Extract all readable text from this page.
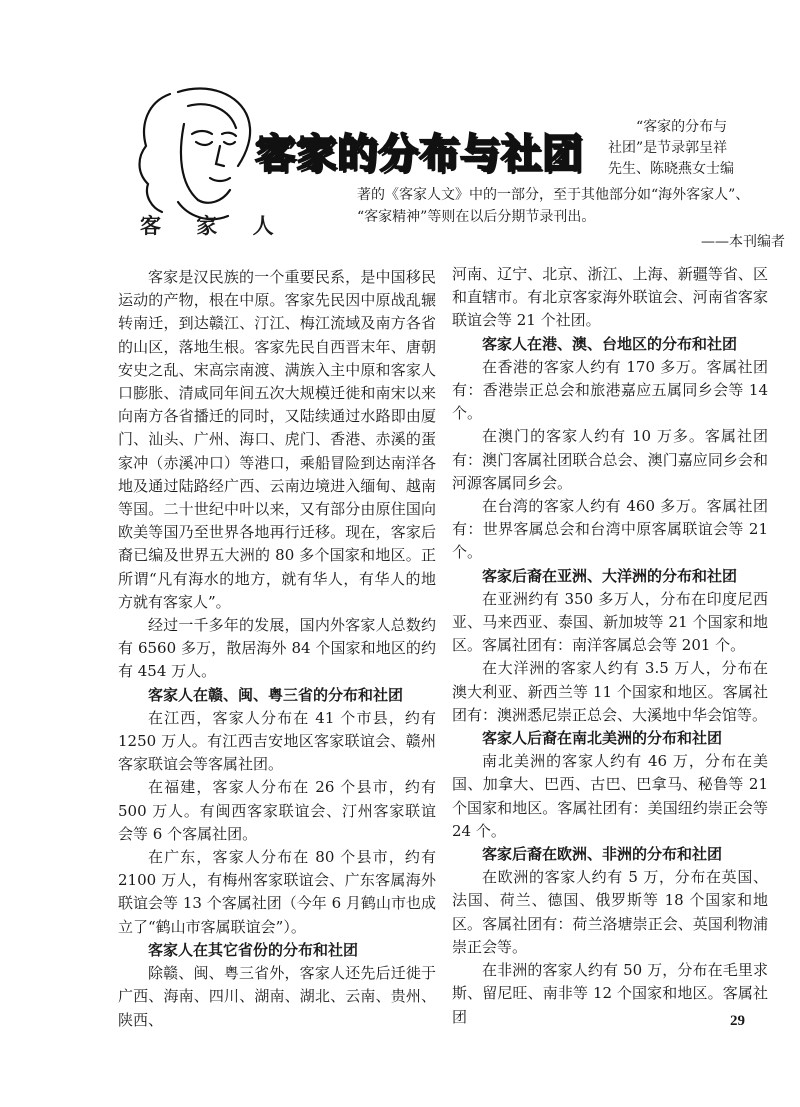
客 家 人
客家的分布与社团

“客家的分布与

社团”是节录郭呈祥

先生、陈晓燕女士编

著的《客家人文》中的一部分，至于其他部分如“海外客家人”、

“客家精神”等则在以后分期节录刊出。

——本刊编者

客家是汉民族的一个重要民系，是中国移民运动的产物，根在中原。客家先民因中原战乱辗转南迁，到达赣江、汀江、梅江流域及南方各省的山区，落地生根。客家先民自西晋末年、唐朝安史之乱、宋高宗南渡、满族入主中原和客家人口膨胀、清咸同年间五次大规模迁徙和南宋以来向南方各省播迁的同时，又陆续通过水路即由厦门、汕头、广州、海口、虎门、香港、赤溪的蛋家冲（赤溪冲口）等港口，乘船冒险到达南洋各地及通过陆路经广西、云南边境进入缅甸、越南等国。二十世纪中叶以来，又有部分由原住国向欧美等国乃至世界各地再行迁移。现在，客家后裔已编及世界五大洲的 80 多个国家和地区。正所谓“凡有海水的地方，就有华人，有华人的地方就有客家人”。

经过一千多年的发展，国内外客家人总数约有 6560 多万，散居海外 84 个国家和地区的约有 454 万人。

客家人在赣、闽、粤三省的分布和社团

在江西，客家人分布在 41 个市县，约有 1250 万人。有江西吉安地区客家联谊会、赣州客家联谊会等客属社团。

在福建，客家人分布在 26 个县市，约有 500 万人。有闽西客家联谊会、汀州客家联谊会等 6 个客属社团。

在广东，客家人分布在 80 个县市，约有 2100 万人，有梅州客家联谊会、广东客属海外联谊会等 13 个客属社团（今年 6 月鹤山市也成立了“鹤山市客属联谊会”）。

客家人在其它省份的分布和社团

除赣、闽、粤三省外，客家人还先后迁徙于广西、海南、四川、湖南、湖北、云南、贵州、陕西、

河南、辽宁、北京、浙江、上海、新疆等省、区和直辖市。有北京客家海外联谊会、河南省客家联谊会等 21 个社团。

客家人在港、澳、台地区的分布和社团

在香港的客家人约有 170 多万。客属社团有：香港崇正总会和旅港嘉应五属同乡会等 14 个。

在澳门的客家人约有 10 万多。客属社团有：澳门客属社团联合总会、澳门嘉应同乡会和河源客属同乡会。

在台湾的客家人约有 460 多万。客属社团有：世界客属总会和台湾中原客属联谊会等 21 个。

客家后裔在亚洲、大洋洲的分布和社团

在亚洲约有 350 多万人，分布在印度尼西亚、马来西亚、泰国、新加坡等 21 个国家和地区。客属社团有：南洋客属总会等 201 个。

在大洋洲的客家人约有 3.5 万人，分布在澳大利亚、新西兰等 11 个国家和地区。客属社团有：澳洲悉尼崇正总会、大溪地中华会馆等。

客家人后裔在南北美洲的分布和社团

南北美洲的客家人约有 46 万，分布在美国、加拿大、巴西、古巴、巴拿马、秘鲁等 21 个国家和地区。客属社团有：美国纽约崇正会等 24 个。

客家后裔在欧洲、非洲的分布和社团

在欧洲的客家人约有 5 万，分布在英国、法国、荷兰、德国、俄罗斯等 18 个国家和地区。客属社团有：荷兰洛塘崇正会、英国利物浦崇正会等。

在非洲的客家人约有 50 万，分布在毛里求斯、留尼旺、南非等 12 个国家和地区。客属社团	29
